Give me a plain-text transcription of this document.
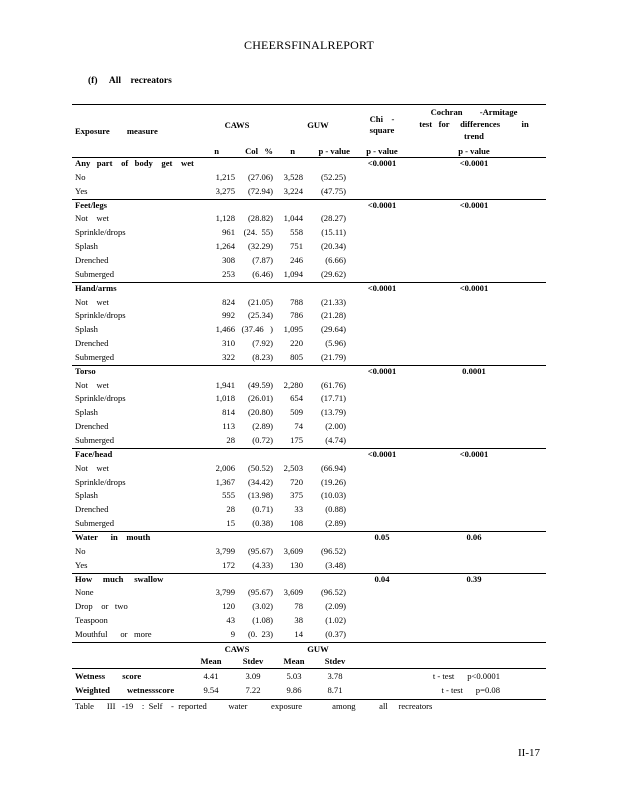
CHEERSFINALREPORT
(f)     All    recreators
Exposure        measure
CAWS	GUW
Chi    -
square
Cochran        -Armitage
test   for     differences          in
trend
n	Col   %	n	p - value	p - value	p - value
Any   part    of   body    get    wet	<0.0001	<0.0001
No	1,215	(27.06)	3,528	(52.25)
Yes	3,275	(72.94)	3,224	(47.75)
Feet/legs	<0.0001	<0.0001
Not    wet	1,128	(28.82)	1,044	(28.27)
Sprinkle/drops	961	(24.  55)	558	(15.11)
Splash	1,264	(32.29)	751	(20.34)
Drenched	308	(7.87)	246	(6.66)
Submerged	253	(6.46)	1,094	(29.62)
Hand/arms	<0.0001	<0.0001
Not    wet	824	(21.05)	788	(21.33)
Sprinkle/drops	992	(25.34)	786	(21.28)
Splash	1,466 (37.46   )	1,095	(29.64)
Drenched	310	(7.92)	220	(5.96)
Submerged	322	(8.23)	805	(21.79)
Torso	<0.0001	0.0001
Not    wet	1,941	(49.59)	2,280	(61.76)
Sprinkle/drops	1,018	(26.01)	654	(17.71)
Splash	814	(20.80)	509	(13.79)
Drenched	113	(2.89)	74	(2.00)
Submerged	28	(0.72)	175	(4.74)
Face/head	<0.0001	<0.0001
Not    wet	2,006	(50.52)	2,503	(66.94)
Sprinkle/drops	1,367	(34.42)	720	(19.26)
Splash	555	(13.98)	375	(10.03)
Drenched	28	(0.71)	33	(0.88)
Submerged	15	(0.38)	108	(2.89)
Water      in    mouth	0.05	0.06
No	3,799	(95.67)	3,609	(96.52)
Yes	172	(4.33)	130	(3.48)
How     much     swallow	0.04	0.39
None	3,799	(95.67)	3,609	(96.52)
Drop    or   two	120	(3.02)	78	(2.09)
Teaspoon	43	(1.08)	38	(1.02)
Mouthful      or   more	9	(0.  23)	14	(0.37)
CAWS	GUW
Mean	Stdev	Mean	Stdev
Wetness        score	4.41	3.09	5.03	3.78	t - test      p<0.0001
Weighted        wetnessscore	9.54	7.22	9.86	8.71	t - test      p=0.08
Table      III   -19    :  Self    -  reported          water           exposure              among           all     recreators
II-17
